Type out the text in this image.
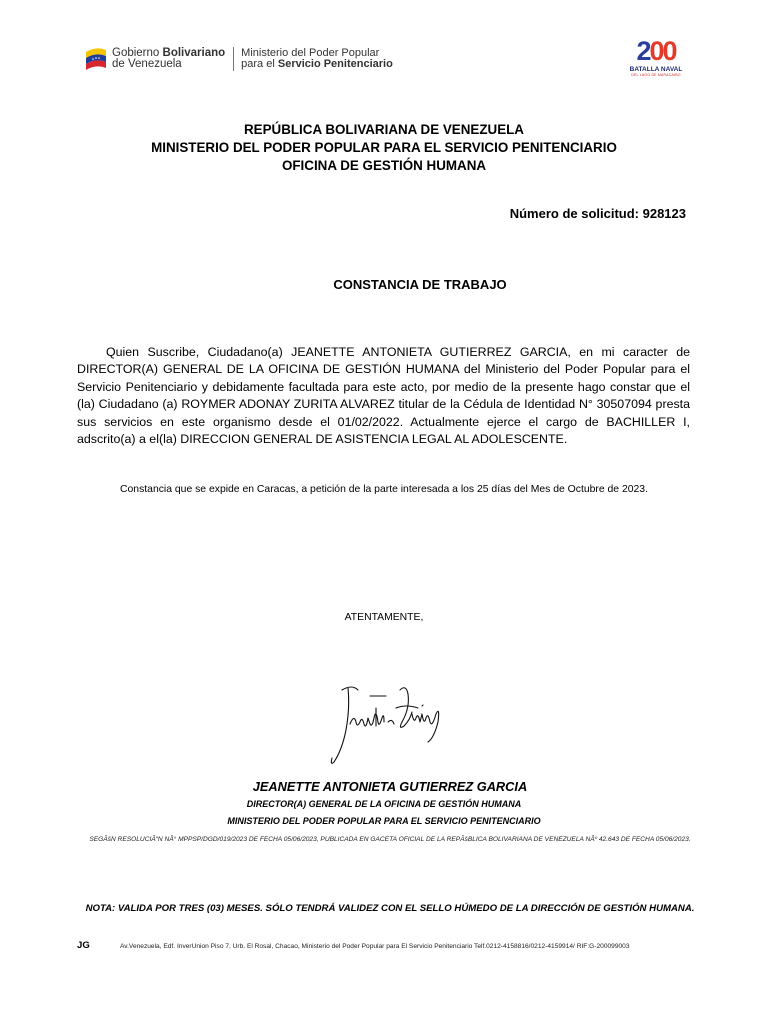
Gobierno Bolivariano
de Venezuela
Ministerio del Poder Popular
para el Servicio Penitenciario	200
BATALLA NAVAL
DEL LAGO DE MARACAIBO
REPÚBLICA BOLIVARIANA DE VENEZUELA
MINISTERIO DEL PODER POPULAR PARA EL SERVICIO PENITENCIARIO
OFICINA DE GESTIÓN HUMANA
Número de solicitud: 928123
CONSTANCIA DE TRABAJO
Quien Suscribe, Ciudadano(a) JEANETTE ANTONIETA GUTIERREZ GARCIA, en mi caracter de DIRECTOR(A) GENERAL DE LA OFICINA DE GESTIÓN HUMANA del Ministerio del Poder Popular para el Servicio Penitenciario y debidamente facultada para este acto, por medio de la presente hago constar que el (la) Ciudadano (a) ROYMER ADONAY ZURITA ALVAREZ titular de la Cédula de Identidad N° 30507094 presta sus servicios en este organismo desde el 01/02/2022. Actualmente ejerce el cargo de BACHILLER I, adscrito(a) a el(la) DIRECCION GENERAL DE ASISTENCIA LEGAL AL ADOLESCENTE.
Constancia que se expide en Caracas, a petición de la parte interesada a los 25 días del Mes de Octubre de 2023.
ATENTAMENTE,
JEANETTE ANTONIETA GUTIERREZ GARCIA
DIRECTOR(A) GENERAL DE LA OFICINA DE GESTIÓN HUMANA
MINISTERIO DEL PODER POPULAR PARA EL SERVICIO PENITENCIARIO
SEGÃšN RESOLUCIÃ“N NÂ° MPPSP/DGD/019/2023 DE FECHA 05/06/2023, PUBLICADA EN GACETA OFICIAL DE LA REPÃšBLICA BOLIVARIANA DE VENEZUELA NÂº 42.643 DE FECHA 05/06/2023.
NOTA: VALIDA POR TRES (03) MESES. SÓLO TENDRÁ VALIDEZ CON EL SELLO HÚMEDO DE LA DIRECCIÓN DE GESTIÓN HUMANA.
JG	Av.Venezuela, Edf. InverUnion Piso 7, Urb. El Rosal, Chacao, Ministerio del Poder Popular para El Servicio Penitenciario Telf.0212-4158816/0212-4159914/ RIF:G-200099003
